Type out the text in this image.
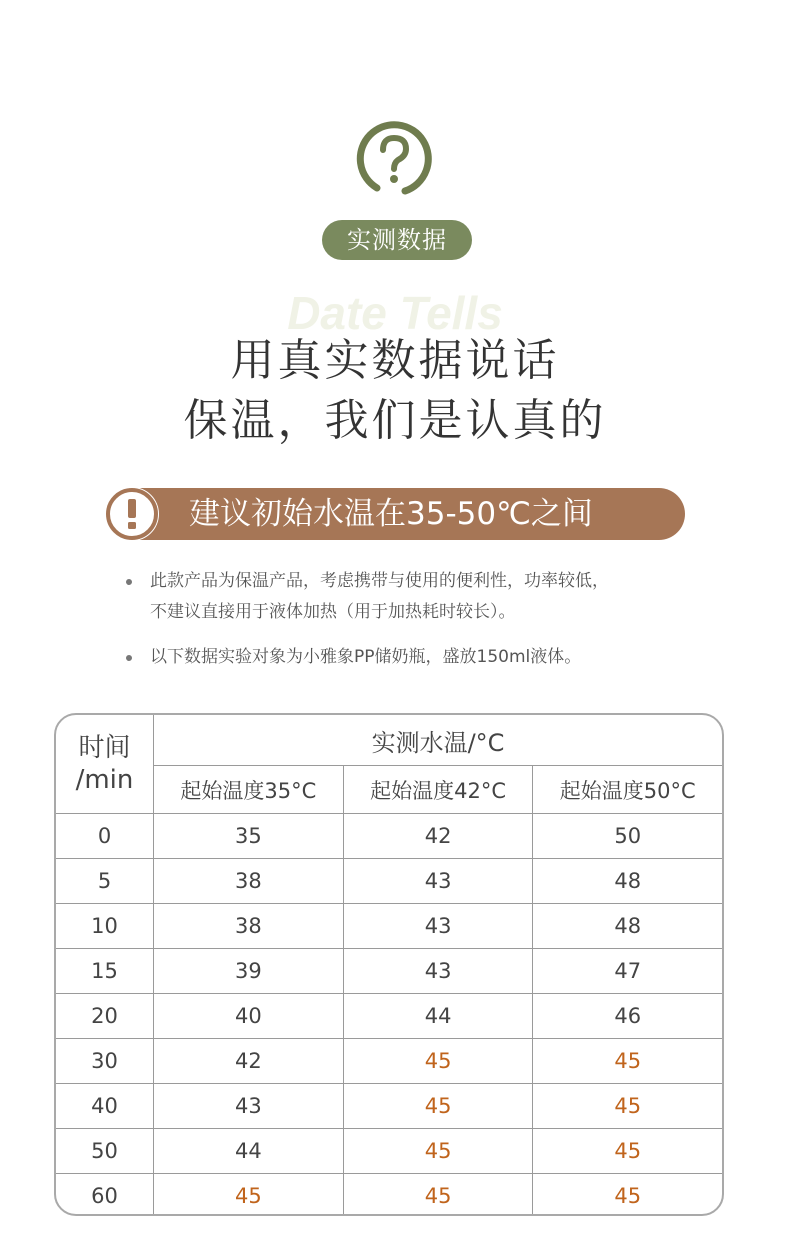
实测数据
Date Tells
用真实数据说话
保温，我们是认真的
建议初始水温在35-50℃之间
此款产品为保温产品，考虑携带与使用的便利性，功率较低，
不建议直接用于液体加热（用于加热耗时较长）。
以下数据实验对象为小雅象PP储奶瓶，盛放150ml液体。
时间
/min	实测水温/°C		
	起始温度35°C	起始温度42°C	起始温度50°C
0	35	42	50
5	38	43	48
10	38	43	48
15	39	43	47
20	40	44	46
30	42	45	45
40	43	45	45
50	44	45	45
60	45	45	45
